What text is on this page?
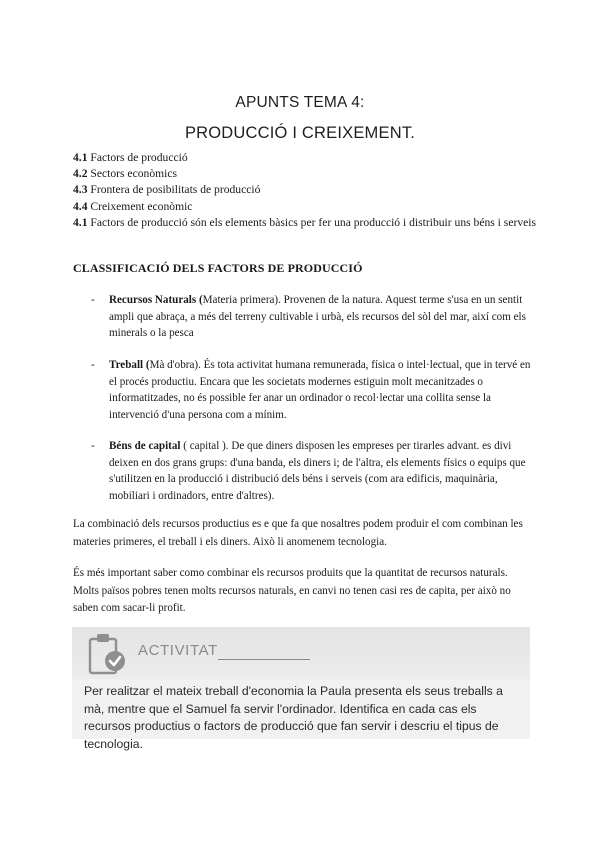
APUNTS TEMA 4:
PRODUCCIÓ I CREIXEMENT.
4.1 Factors de producció
4.2 Sectors econòmics
4.3 Frontera de posibilitats de producció
4.4 Creixement econòmic
4.1 Factors de producció són els elements bàsics per fer una producció i distribuir uns béns i serveis
CLASSIFICACIÓ DELS FACTORS DE PRODUCCIÓ
- Recursos Naturals (Materia primera). Provenen de la natura. Aquest terme s'usa en un sentit ampli que abraça, a més del terreny cultivable i urbà, els recursos del sòl del mar, així com els minerals o la pesca
- Treball (Mà d'obra). És tota activitat humana remunerada, física o intel·lectual, que in tervé en el procés productiu. Encara que les societats modernes estiguin molt mecanitzades o informatitzades, no és possible fer anar un ordinador o recol·lectar una collita sense la intervenció d'una persona com a mínim.
- Béns de capital ( capital ). De que diners disposen les empreses per tirarles advant. es divi deixen en dos grans grups: d'una banda, els diners i; de l'altra, els elements físics o equips que s'utilitzen en la producció i distribució dels béns i serveis (com ara edificis, maquinària, mobiliari i ordinadors, entre d'altres).
La combinació dels recursos productius es e que fa que nosaltres podem produir el com combinan les materies primeres, el treball i els diners. Això li anomenem tecnologia.
És més important saber como combinar els recursos produits que la quantitat de recursos naturals. Molts països pobres tenen molts recursos naturals, en canvi no tenen casi res de capita, per això no saben com sacar-li profit.
ACTIVITAT
Per realitzar el mateix treball d'economia la Paula presenta els seus treballs a mà, mentre que el Samuel fa servir l'ordinador. Identifica en cada cas els recursos productius o factors de producció que fan servir i descriu el tipus de tecnologia.
